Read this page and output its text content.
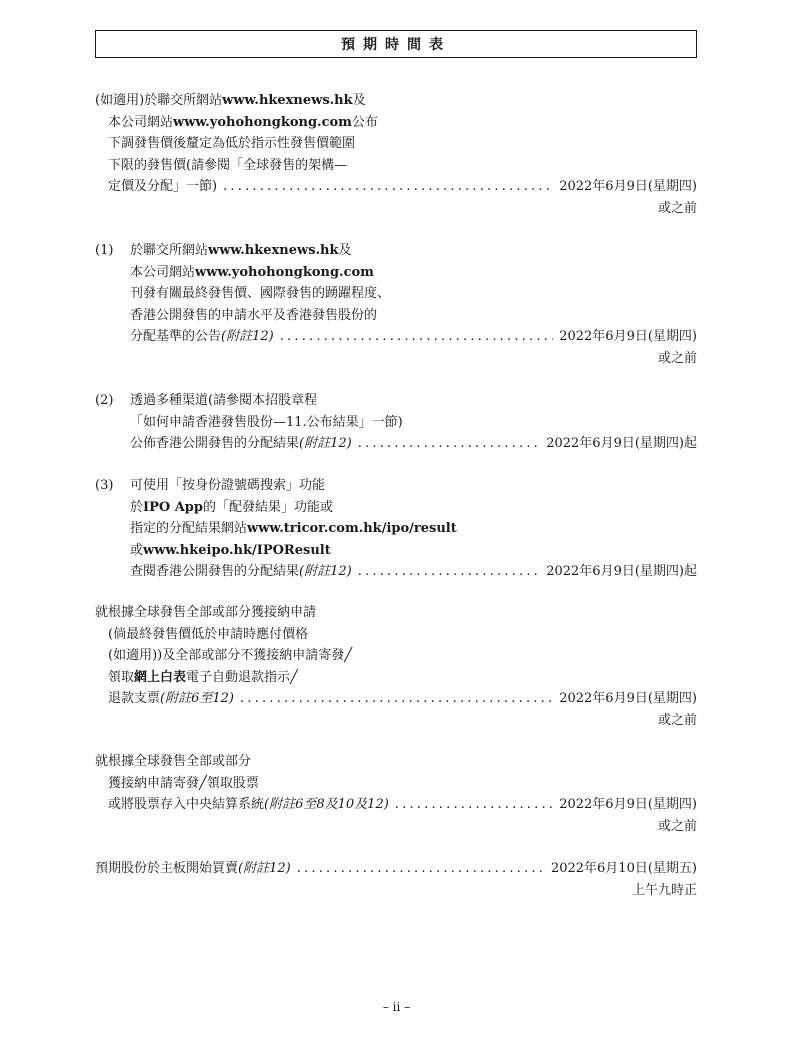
預期時間表
(如適用)於聯交所網站 www.hkexnews.hk 及
本公司網站 www.yohohongkong.com 公布
下調發售價後釐定為低於指示性發售價範圍
下限的發售價(請參閱「全球發售的架構—
定價及分配」一節) .....	2022年6月9日(星期四)
或之前
(1)	於聯交所網站 www.hkexnews.hk 及
本公司網站 www.yohohongkong.com
刊發有關最終發售價、國際發售的踴躍程度、
香港公開發售的申請水平及香港發售股份的
分配基準的公告 (附註12) .....	2022年6月9日(星期四)
或之前
(2)	透過多種渠道(請參閱本招股章程
「如何申請香港發售股份—11.公布結果」一節)
公佈香港公開發售的分配結果 (附註12) .....	2022年6月9日(星期四)起
(3)	可使用「按身份證號碼搜索」功能
於 IPO App 的「配發結果」功能或
指定的分配結果網站 www.tricor.com.hk/ipo/result
或 www.hkeipo.hk/IPOResult
查閱香港公開發售的分配結果 (附註12) .....	2022年6月9日(星期四)起
就根據全球發售全部或部分獲接納申請
(倘最終發售價低於申請時應付價格
(如適用))及全部或部分不獲接納申請寄發╱
領取 網上白表 電子自動退款指示╱
退款支票 (附註6至12) .....	2022年6月9日(星期四)
或之前
就根據全球發售全部或部分
獲接納申請寄發╱領取股票
或將股票存入中央結算系統 (附註6至8及10及12) .....	2022年6月9日(星期四)
或之前
預期股份於主板開始買賣 (附註12) .....	2022年6月10日(星期五)
上午九時正
– ii –
